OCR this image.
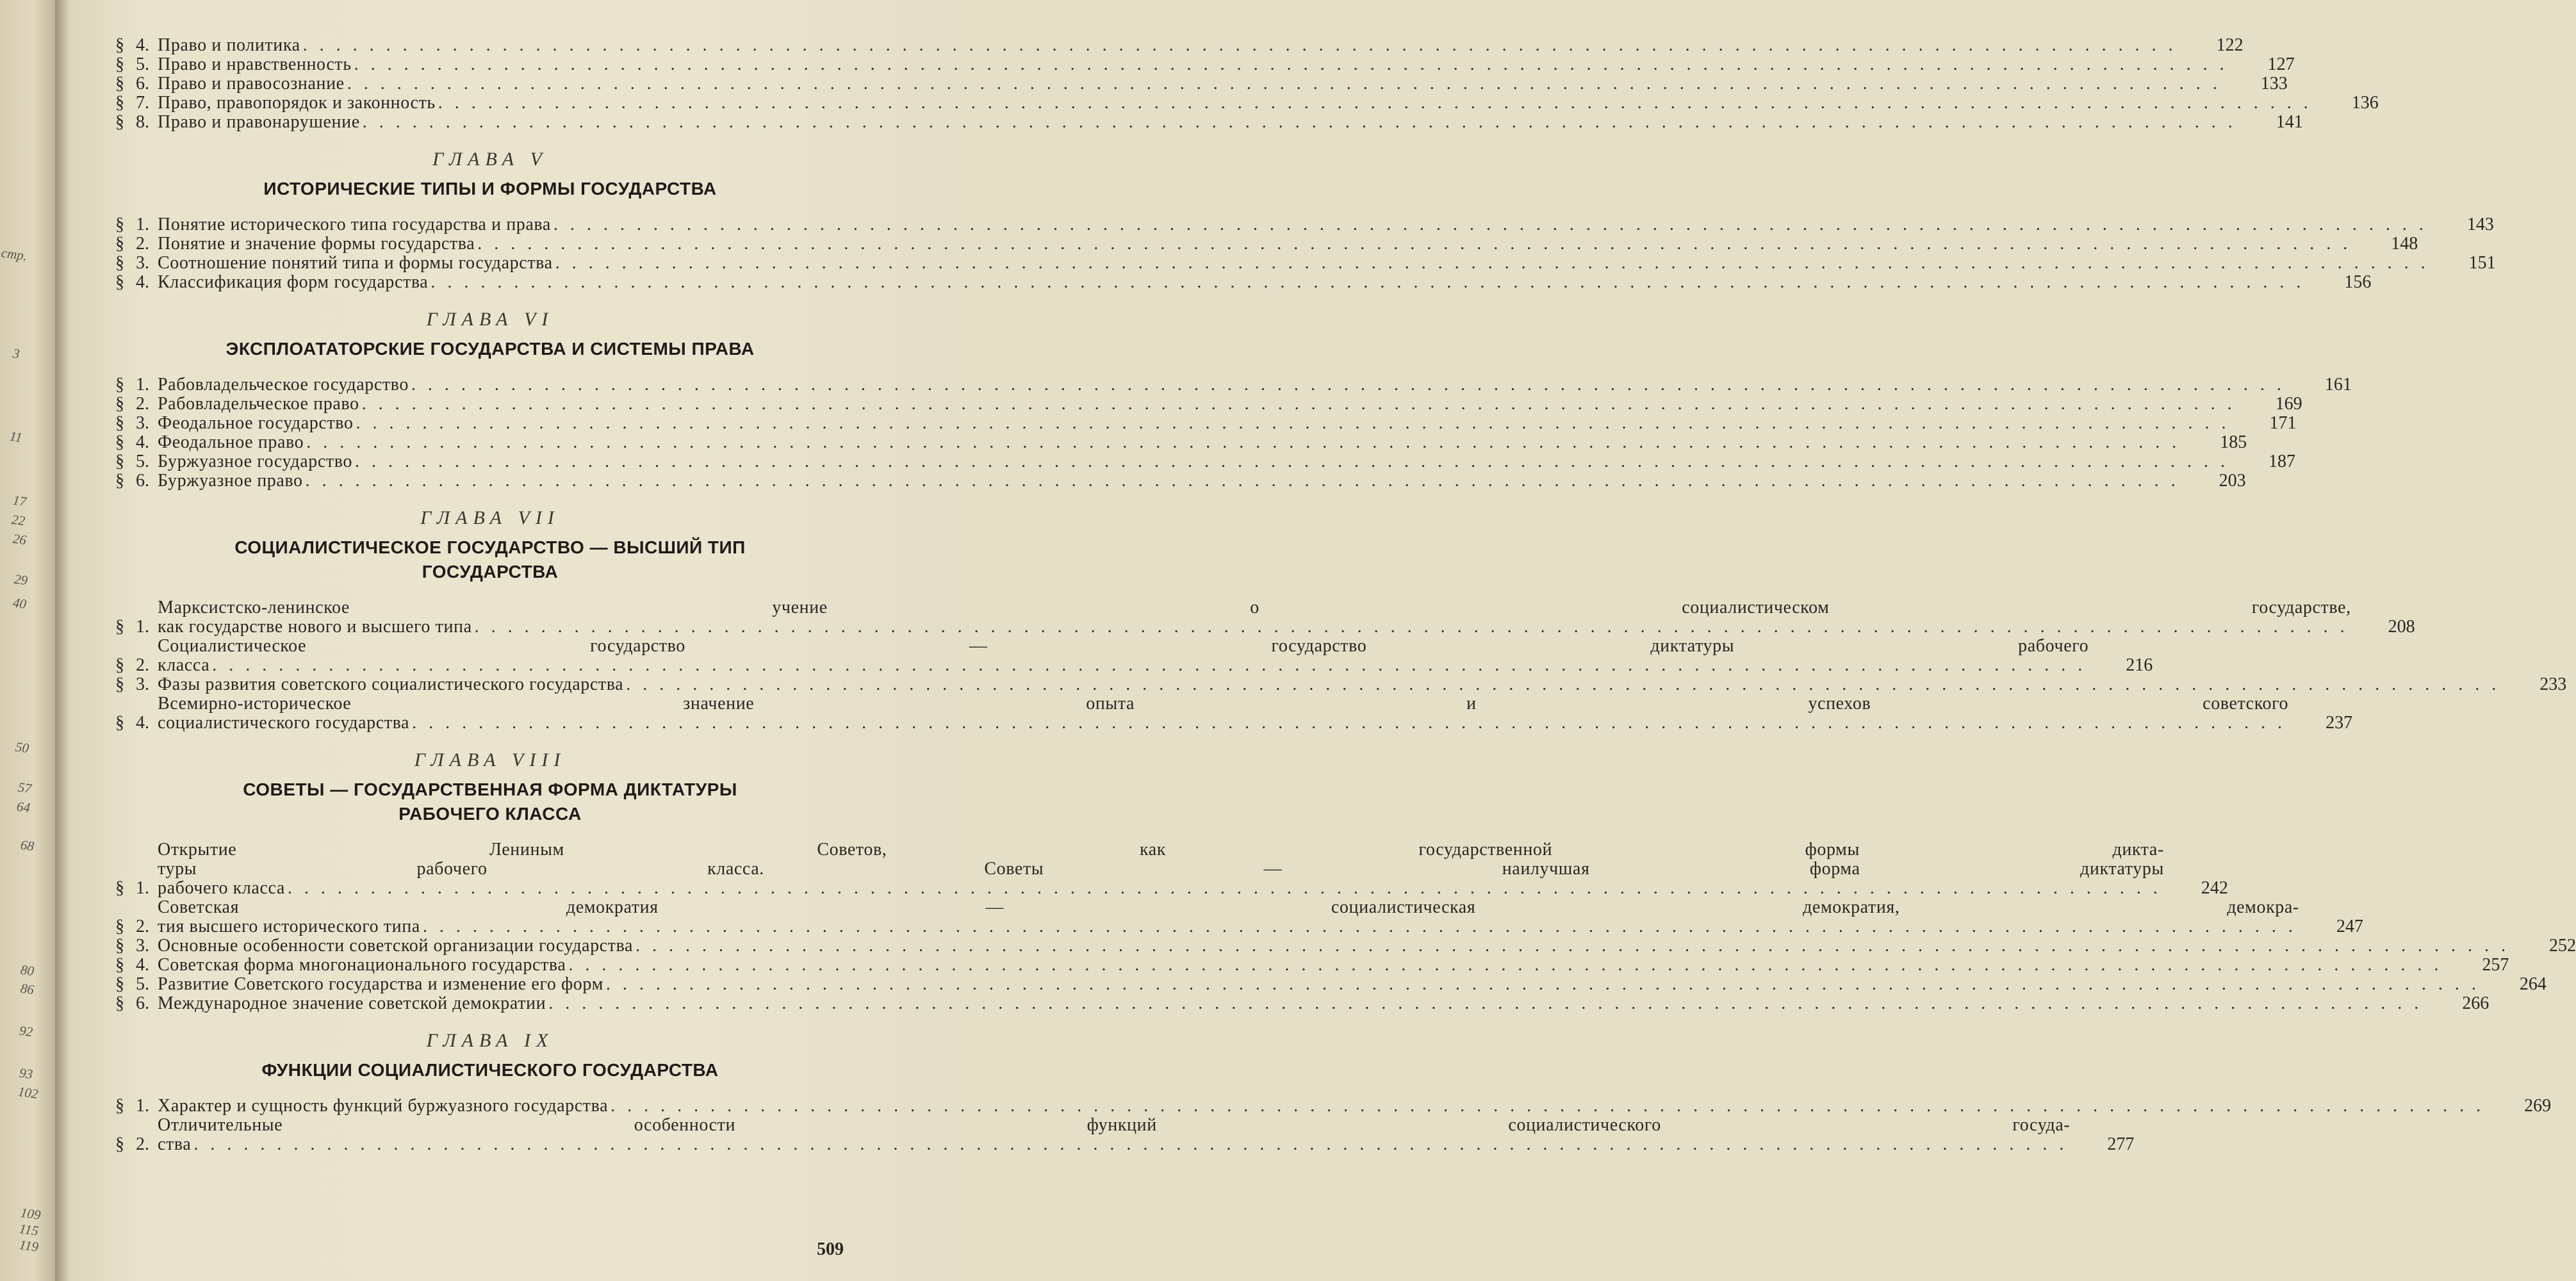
стр.
3
11
17
22
26
29
40
50
57
64
68
80
86
92
93
102
109
115
119
§ 4. Право и политика . . . . . . . . . . . . . . . . . . . . . . . . . . . . . . . . . . . . . . . . . . . . . . . . . . . . . . . . . . . . . . . . . . . . . . . . . . . . . . . . . . . . . . . . . . . . . . . . . . . . . . . . . . . . . . . . .	122
§ 5. Право и нравственность . . . . . . . . . . . . . . . . . . . . . . . . . . . . . . . . . . . . . . . . . . . . . . . . . . . . . . . . . . . . . . . . . . . . . . . . . . . . . . . . . . . . . . . . . . . . . . . . . . . . . . . . . . . . . . . . .	127
§ 6. Право и правосознание . . . . . . . . . . . . . . . . . . . . . . . . . . . . . . . . . . . . . . . . . . . . . . . . . . . . . . . . . . . . . . . . . . . . . . . . . . . . . . . . . . . . . . . . . . . . . . . . . . . . . . . . . . . . . . . . .	133
§ 7. Право, правопорядок и законность . . . . . . . . . . . . . . . . . . . . . . . . . . . . . . . . . . . . . . . . . . . . . . . . . . . . . . . . . . . . . . . . . . . . . . . . . . . . . . . . . . . . . . . . . . . . . . . . . . . . . . . . . . . . . . . . .	136
§ 8. Право и правонарушение . . . . . . . . . . . . . . . . . . . . . . . . . . . . . . . . . . . . . . . . . . . . . . . . . . . . . . . . . . . . . . . . . . . . . . . . . . . . . . . . . . . . . . . . . . . . . . . . . . . . . . . . . . . . . . . . .	141
ГЛАВА V
ИСТОРИЧЕСКИЕ ТИПЫ И ФОРМЫ ГОСУДАРСТВА
§ 1. Понятие исторического типа государства и права . . . . . . . . . . . . . . . . . . . . . . . . . . . . . . . . . . . . . . . . . . . . . . . . . . . . . . . . . . . . . . . . . . . . . . . . . . . . . . . . . . . . . . . . . . . . . . . . . . . . . . . . . . . . . . . . .	143
§ 2. Понятие и значение формы государства . . . . . . . . . . . . . . . . . . . . . . . . . . . . . . . . . . . . . . . . . . . . . . . . . . . . . . . . . . . . . . . . . . . . . . . . . . . . . . . . . . . . . . . . . . . . . . . . . . . . . . . . . . . . . . . . .	148
§ 3. Соотношение понятий типа и формы государства . . . . . . . . . . . . . . . . . . . . . . . . . . . . . . . . . . . . . . . . . . . . . . . . . . . . . . . . . . . . . . . . . . . . . . . . . . . . . . . . . . . . . . . . . . . . . . . . . . . . . . . . . . . . . . . . .	151
§ 4. Классификация форм государства . . . . . . . . . . . . . . . . . . . . . . . . . . . . . . . . . . . . . . . . . . . . . . . . . . . . . . . . . . . . . . . . . . . . . . . . . . . . . . . . . . . . . . . . . . . . . . . . . . . . . . . . . . . . . . . . .	156
ГЛАВА VI
ЭКСПЛОАТАТОРСКИЕ ГОСУДАРСТВА И СИСТЕМЫ ПРАВА
§ 1. Рабовладельческое государство . . . . . . . . . . . . . . . . . . . . . . . . . . . . . . . . . . . . . . . . . . . . . . . . . . . . . . . . . . . . . . . . . . . . . . . . . . . . . . . . . . . . . . . . . . . . . . . . . . . . . . . . . . . . . . . . .	161
§ 2. Рабовладельческое право . . . . . . . . . . . . . . . . . . . . . . . . . . . . . . . . . . . . . . . . . . . . . . . . . . . . . . . . . . . . . . . . . . . . . . . . . . . . . . . . . . . . . . . . . . . . . . . . . . . . . . . . . . . . . . . . .	169
§ 3. Феодальное государство . . . . . . . . . . . . . . . . . . . . . . . . . . . . . . . . . . . . . . . . . . . . . . . . . . . . . . . . . . . . . . . . . . . . . . . . . . . . . . . . . . . . . . . . . . . . . . . . . . . . . . . . . . . . . . . . .	171
§ 4. Феодальное право . . . . . . . . . . . . . . . . . . . . . . . . . . . . . . . . . . . . . . . . . . . . . . . . . . . . . . . . . . . . . . . . . . . . . . . . . . . . . . . . . . . . . . . . . . . . . . . . . . . . . . . . . . . . . . . . .	185
§ 5. Буржуазное государство . . . . . . . . . . . . . . . . . . . . . . . . . . . . . . . . . . . . . . . . . . . . . . . . . . . . . . . . . . . . . . . . . . . . . . . . . . . . . . . . . . . . . . . . . . . . . . . . . . . . . . . . . . . . . . . . .	187
§ 6. Буржуазное право . . . . . . . . . . . . . . . . . . . . . . . . . . . . . . . . . . . . . . . . . . . . . . . . . . . . . . . . . . . . . . . . . . . . . . . . . . . . . . . . . . . . . . . . . . . . . . . . . . . . . . . . . . . . . . . . .	203
ГЛАВА VII
СОЦИАЛИСТИЧЕСКОЕ ГОСУДАРСТВО — ВЫСШИЙ ТИП
ГОСУДАРСТВА
§ 1.
Марксистско-ленинское учение о социалистическом государстве,
как государстве нового и высшего типа . . . . . . . . . . . . . . . . . . . . . . . . . . . . . . . . . . . . . . . . . . . . . . . . . . . . . . . . . . . . . . . . . . . . . . . . . . . . . . . . . . . . . . . . . . . . . . . . . . . . . . . . . . . . . . . . .	208
§ 2.
Социалистическое государство — государство диктатуры рабочего
класса . . . . . . . . . . . . . . . . . . . . . . . . . . . . . . . . . . . . . . . . . . . . . . . . . . . . . . . . . . . . . . . . . . . . . . . . . . . . . . . . . . . . . . . . . . . . . . . . . . . . . . . . . . . . . . . . .	216
§ 3. Фазы развития советского социалистического государства . . . . . . . . . . . . . . . . . . . . . . . . . . . . . . . . . . . . . . . . . . . . . . . . . . . . . . . . . . . . . . . . . . . . . . . . . . . . . . . . . . . . . . . . . . . . . . . . . . . . . . . . . . . . . . . . .	233
§ 4.
Всемирно-историческое значение опыта и успехов советского
социалистического государства . . . . . . . . . . . . . . . . . . . . . . . . . . . . . . . . . . . . . . . . . . . . . . . . . . . . . . . . . . . . . . . . . . . . . . . . . . . . . . . . . . . . . . . . . . . . . . . . . . . . . . . . . . . . . . . . .	237
ГЛАВА VIII
СОВЕТЫ — ГОСУДАРСТВЕННАЯ ФОРМА ДИКТАТУРЫ
РАБОЧЕГО КЛАССА
§ 1.
Открытие Лениным Советов, как государственной формы дикта-
туры рабочего класса. Советы — наилучшая форма диктатуры
рабочего класса . . . . . . . . . . . . . . . . . . . . . . . . . . . . . . . . . . . . . . . . . . . . . . . . . . . . . . . . . . . . . . . . . . . . . . . . . . . . . . . . . . . . . . . . . . . . . . . . . . . . . . . . . . . . . . . . .	242
§ 2.
Советская демократия — социалистическая демократия, демокра-
тия высшего исторического типа . . . . . . . . . . . . . . . . . . . . . . . . . . . . . . . . . . . . . . . . . . . . . . . . . . . . . . . . . . . . . . . . . . . . . . . . . . . . . . . . . . . . . . . . . . . . . . . . . . . . . . . . . . . . . . . . .	247
§ 3. Основные особенности советской организации государства . . . . . . . . . . . . . . . . . . . . . . . . . . . . . . . . . . . . . . . . . . . . . . . . . . . . . . . . . . . . . . . . . . . . . . . . . . . . . . . . . . . . . . . . . . . . . . . . . . . . . . . . . . . . . . . . .	252
§ 4. Советская форма многонационального государства . . . . . . . . . . . . . . . . . . . . . . . . . . . . . . . . . . . . . . . . . . . . . . . . . . . . . . . . . . . . . . . . . . . . . . . . . . . . . . . . . . . . . . . . . . . . . . . . . . . . . . . . . . . . . . . . .	257
§ 5. Развитие Советского государства и изменение его форм . . . . . . . . . . . . . . . . . . . . . . . . . . . . . . . . . . . . . . . . . . . . . . . . . . . . . . . . . . . . . . . . . . . . . . . . . . . . . . . . . . . . . . . . . . . . . . . . . . . . . . . . . . . . . . . . .	264
§ 6. Международное значение советской демократии . . . . . . . . . . . . . . . . . . . . . . . . . . . . . . . . . . . . . . . . . . . . . . . . . . . . . . . . . . . . . . . . . . . . . . . . . . . . . . . . . . . . . . . . . . . . . . . . . . . . . . . . . . . . . . . . .	266
ГЛАВА IX
ФУНКЦИИ СОЦИАЛИСТИЧЕСКОГО ГОСУДАРСТВА
§ 1. Характер и сущность функций буржуазного государства . . . . . . . . . . . . . . . . . . . . . . . . . . . . . . . . . . . . . . . . . . . . . . . . . . . . . . . . . . . . . . . . . . . . . . . . . . . . . . . . . . . . . . . . . . . . . . . . . . . . . . . . . . . . . . . . .	269
§ 2.
Отличительные особенности функций социалистического госуда-
ства . . . . . . . . . . . . . . . . . . . . . . . . . . . . . . . . . . . . . . . . . . . . . . . . . . . . . . . . . . . . . . . . . . . . . . . . . . . . . . . . . . . . . . . . . . . . . . . . . . . . . . . . . . . . . . . . .	277
509
